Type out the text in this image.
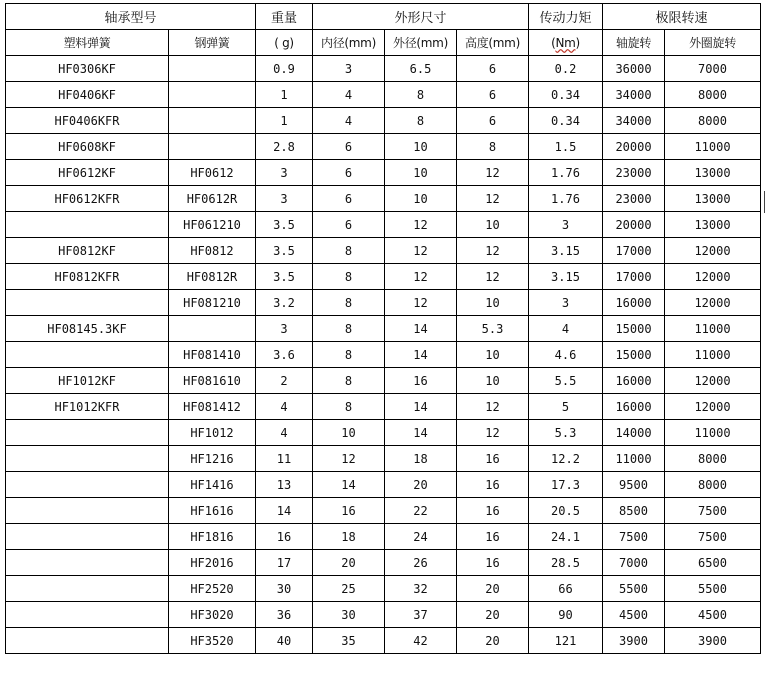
轴承型号		重量	外形尺寸			传动力矩	极限转速	
塑料弹簧	钢弹簧	( g)	内径(mm)	外径(mm)	高度(mm)	(Nm)	轴旋转	外圈旋转
HF0306KF		0.9	3	6.5	6	0.2	36000	7000
HF0406KF		1	4	8	6	0.34	34000	8000
HF0406KFR		1	4	8	6	0.34	34000	8000
HF0608KF		2.8	6	10	8	1.5	20000	11000
HF0612KF	HF0612	3	6	10	12	1.76	23000	13000
HF0612KFR	HF0612R	3	6	10	12	1.76	23000	13000
	HF061210	3.5	6	12	10	3	20000	13000
HF0812KF	HF0812	3.5	8	12	12	3.15	17000	12000
HF0812KFR	HF0812R	3.5	8	12	12	3.15	17000	12000
	HF081210	3.2	8	12	10	3	16000	12000
HF08145.3KF		3	8	14	5.3	4	15000	11000
	HF081410	3.6	8	14	10	4.6	15000	11000
HF1012KF	HF081610	2	8	16	10	5.5	16000	12000
HF1012KFR	HF081412	4	8	14	12	5	16000	12000
	HF1012	4	10	14	12	5.3	14000	11000
	HF1216	11	12	18	16	12.2	11000	8000
	HF1416	13	14	20	16	17.3	9500	8000
	HF1616	14	16	22	16	20.5	8500	7500
	HF1816	16	18	24	16	24.1	7500	7500
	HF2016	17	20	26	16	28.5	7000	6500
	HF2520	30	25	32	20	66	5500	5500
	HF3020	36	30	37	20	90	4500	4500
	HF3520	40	35	42	20	121	3900	3900
